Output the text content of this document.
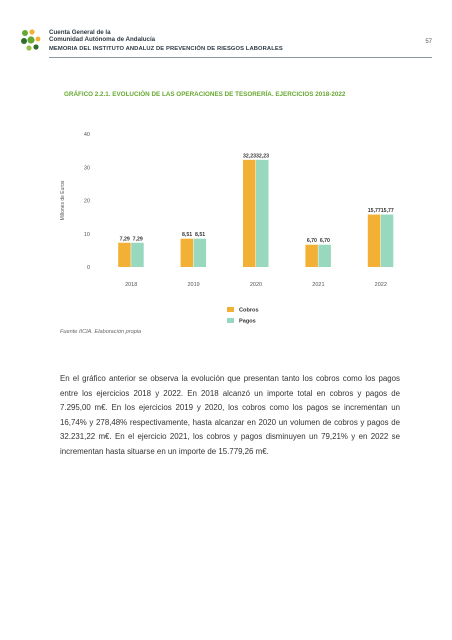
Cuenta General de la
Comunidad Autónoma de Andalucía
MEMORIA DEL INSTITUTO ANDALUZ DE PREVENCIÓN DE RIESGOS LABORALES
57
GRÁFICO 2.2.1. EVOLUCIÓN DE LAS OPERACIONES DE TESORERÍA. EJERCICIOS 2018-2022
0
10
20
30
40
Millones de Euros
7,29 7,29
2018
8,51 8,51
2019
32,23 32,23
2020
6,70 6,70
2021
15,77 15,77
2022
Cobros
Pagos
Fuente IICIA. Elaboración propia

En el gráfico anterior se observa la evolución que presentan tanto los cobros como los pagos entre los ejercicios 2018 y 2022. En 2018 alcanzó un importe total en cobros y pagos de 7.295,00 m€. En los ejercicios 2019 y 2020, los cobros como los pagos se incrementan un 16,74% y 278,48% respectivamente, hasta alcanzar en 2020 un volumen de cobros y pagos de 32.231,22 m€. En el ejercicio 2021, los cobros y pagos disminuyen un 79,21% y en 2022 se incrementan hasta situarse en un importe de 15.779,26 m€.
